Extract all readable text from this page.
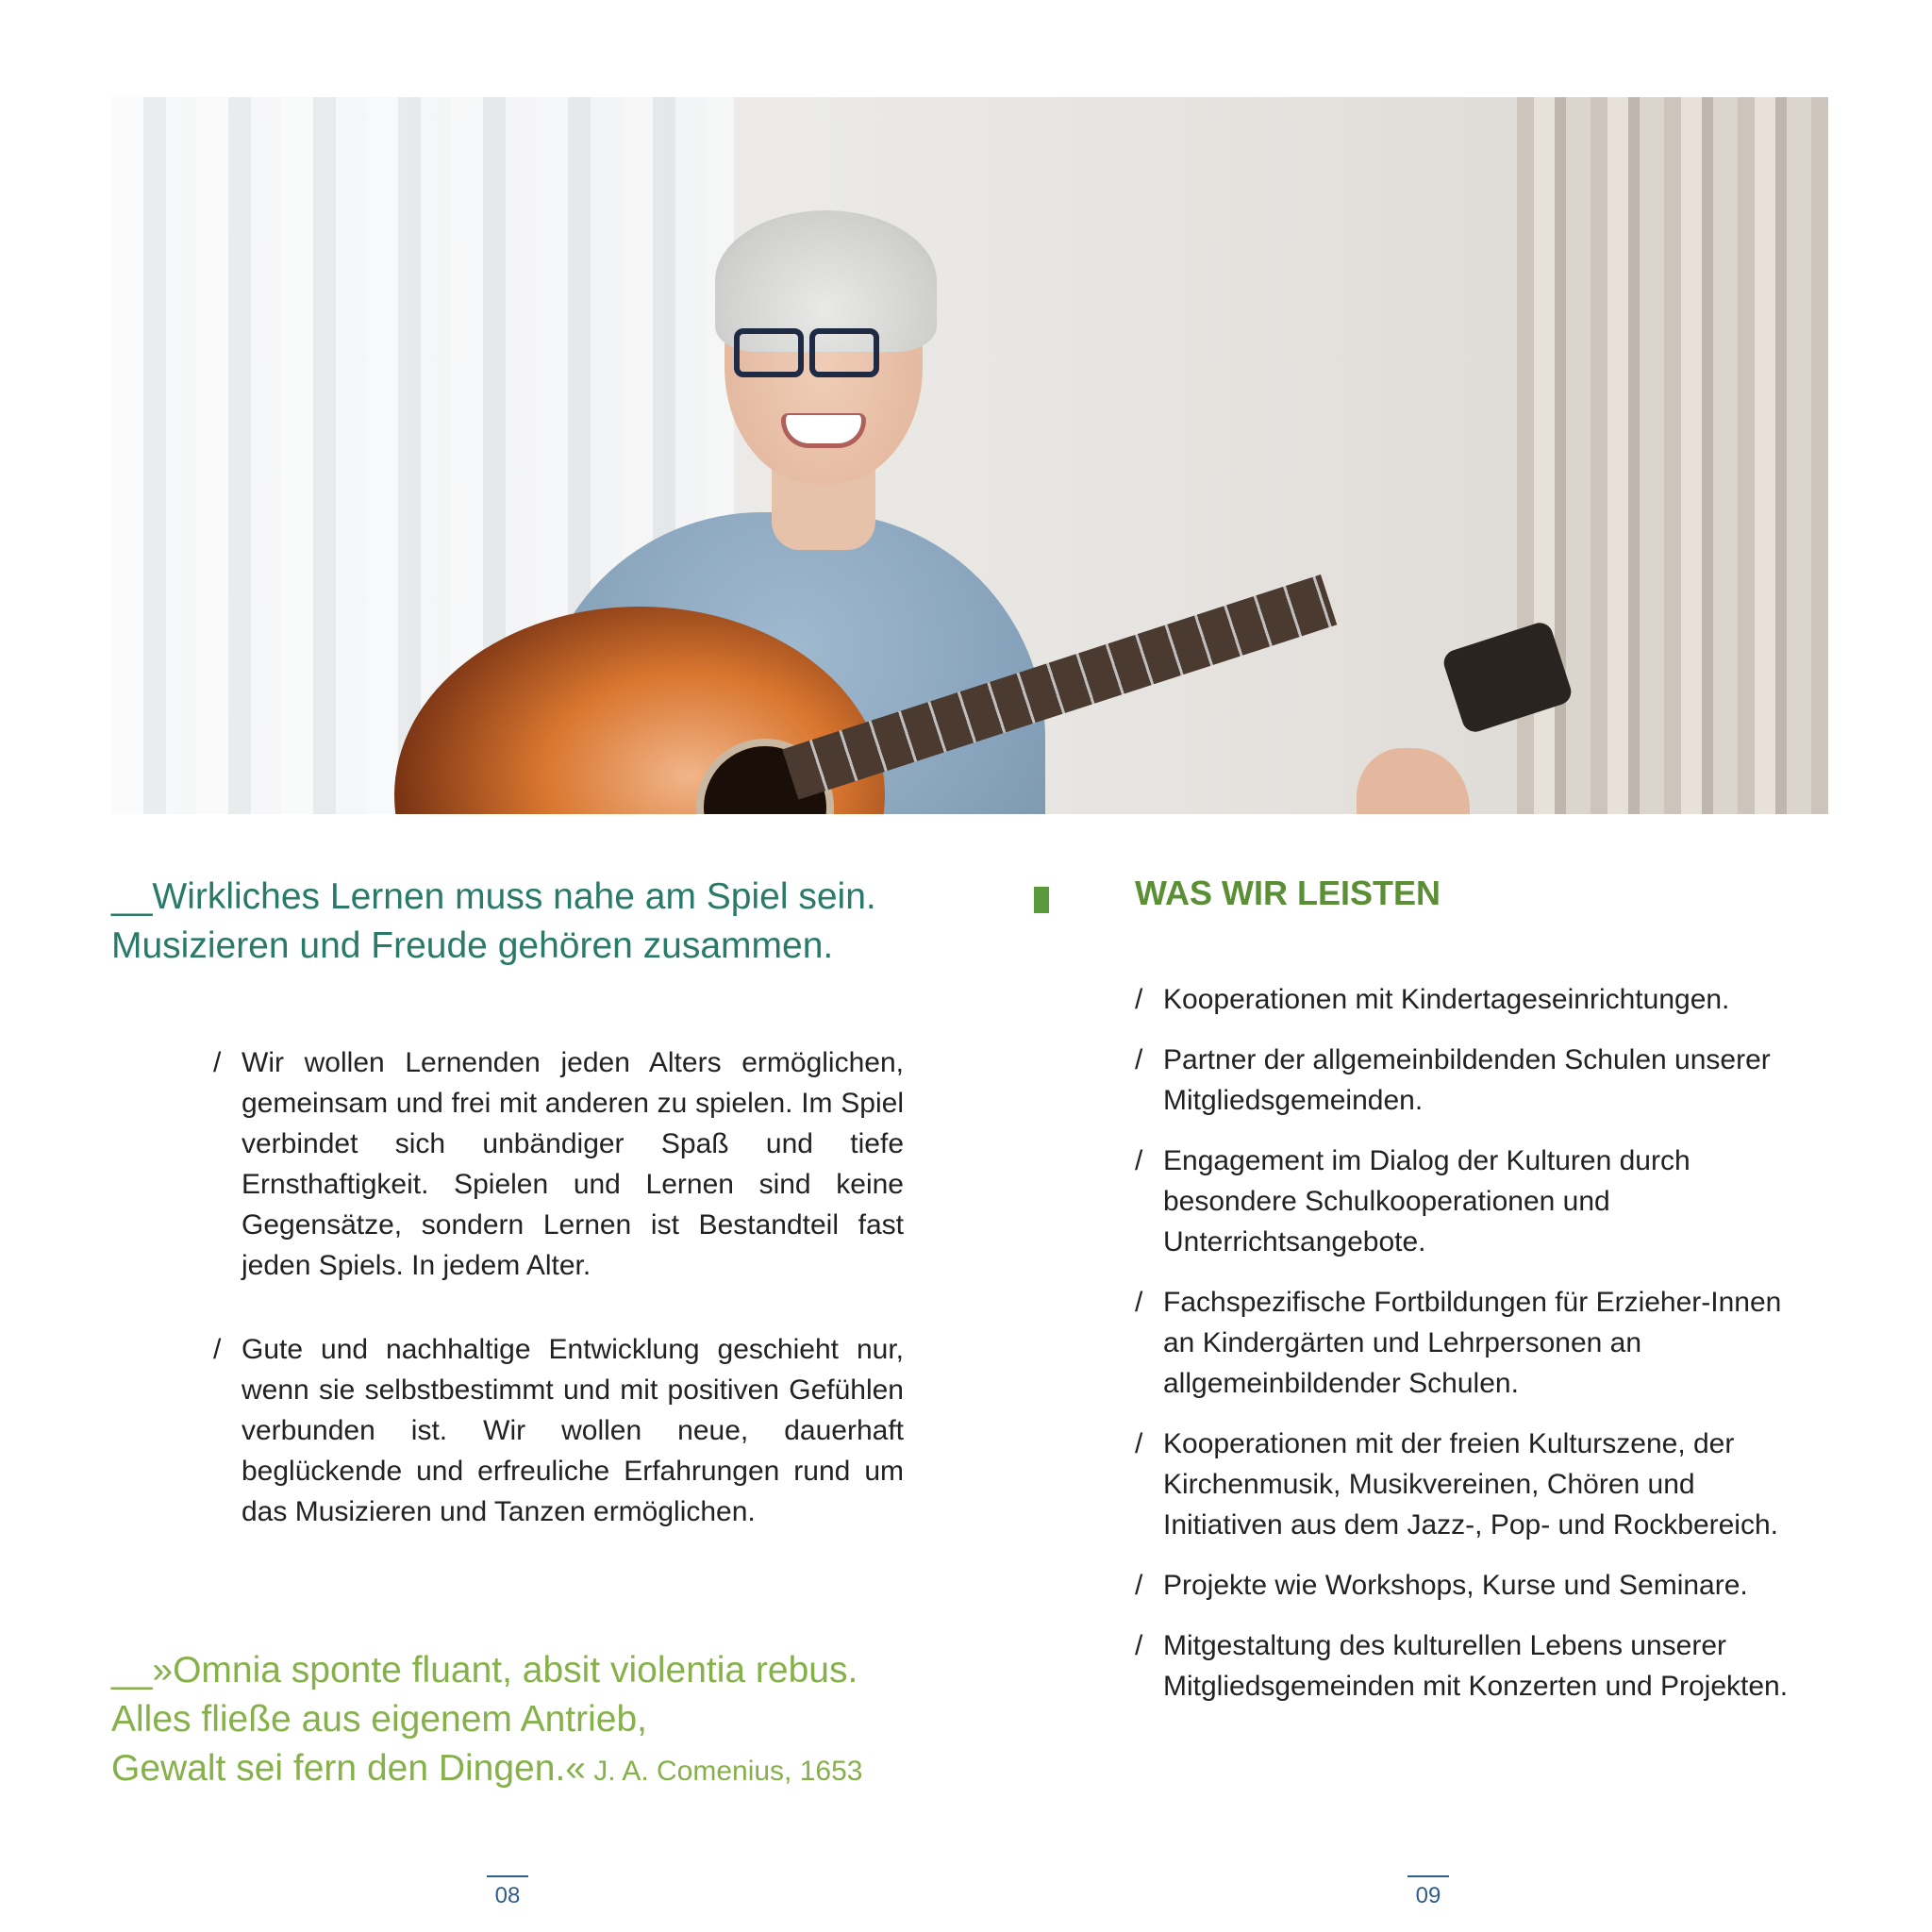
__Wirkliches Lernen muss nahe am Spiel sein.
Musizieren und Freude gehören zusammen.

/ Wir wollen Lernenden jeden Alters ermöglichen, gemeinsam und frei mit anderen zu spielen. Im Spiel verbindet sich unbändiger Spaß und tiefe Ernsthaftigkeit. Spielen und Lernen sind keine Gegensätze, sondern Lernen ist Bestandteil fast jeden Spiels. In jedem Alter.

/ Gute und nachhaltige Entwicklung geschieht nur, wenn sie selbstbestimmt und mit positiven Gefühlen verbunden ist. Wir wollen neue, dauerhaft beglückende und erfreuliche Erfahrungen rund um das Musizieren und Tanzen ermöglichen.

__»Omnia sponte fluant, absit violentia rebus.
Alles fließe aus eigenem Antrieb,
Gewalt sei fern den Dingen.« J. A. Comenius, 1653

WAS WIR LEISTEN

/ Kooperationen mit Kindertageseinrichtungen.

/ Partner der allgemeinbildenden Schulen unserer Mitgliedsgemeinden.

/ Engagement im Dialog der Kulturen durch besondere Schulkooperationen und Unterrichtsangebote.

/ Fachspezifische Fortbildungen für Erzieher-Innen an Kindergärten und Lehrpersonen an allgemeinbildender Schulen.

/ Kooperationen mit der freien Kulturszene, der Kirchenmusik, Musikvereinen, Chören und Initiativen aus dem Jazz-, Pop- und Rockbereich.

/ Projekte wie Workshops, Kurse und Seminare.

/ Mitgestaltung des kulturellen Lebens unserer Mitgliedsgemeinden mit Konzerten und Projekten.

08	09
